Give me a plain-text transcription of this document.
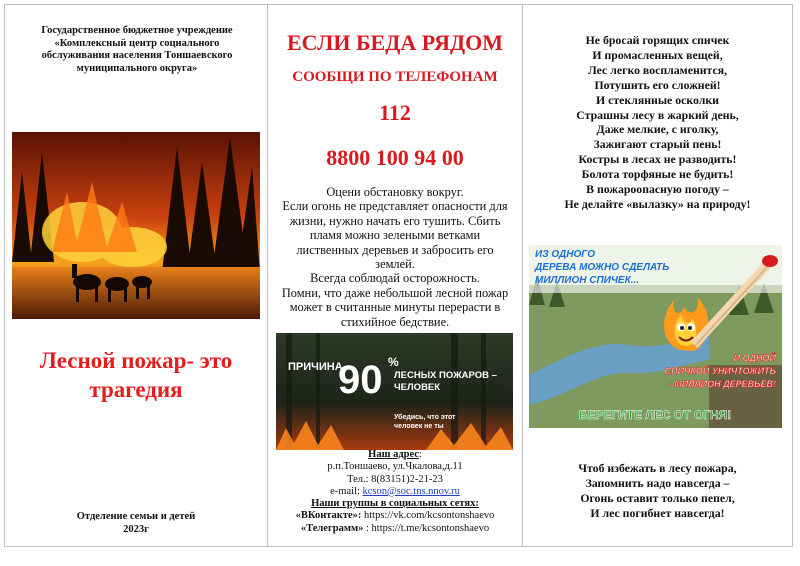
Государственное бюджетное учреждение
«Комплексный центр социального
обслуживания населения Тоншаевского
муниципального округа»
Лесной пожар- это
трагедия
Отделение семьи и детей
2023г
ЕСЛИ БЕДА РЯДОМ
СООБЩИ ПО ТЕЛЕФОНАМ
112
8800 100 94 00
Оцени обстановку вокруг.
Если огонь не представляет опасности для
жизни, нужно начать его тушить. Сбить
пламя можно зелеными ветками
лиственных деревьев и забросить его
землей.
Всегда соблюдай осторожность.
Помни, что даже небольшой лесной пожар
может в считанные минуты перерасти в
стихийное бедствие.
ПРИЧИНА
90 %
ЛЕСНЫХ ПОЖАРОВ –
ЧЕЛОВЕК
Убедись, что этот
человек не ты
Наш адрес:
р.п.Тоншаево, ул.Чкалова,д.11
Тел.: 8(83151)2-21-23
e-mail: kcson@soc.tns.nnov.ru
Наши группы в социальных сетях:
«ВКонтакте»: https://vk.com/kcsontonshaevo
«Телеграмм» : https://t.me/kcsontonshaevo
Не бросай горящих спичек
И промасленных вещей,
Лес легко воспламенится,
Потушить его сложней!
И стеклянные осколки
Страшны лесу в жаркий день,
Даже мелкие, с иголку,
Зажигают старый пень!
Костры в лесах не разводить!
Болота торфяные не будить!
В пожароопасную погоду –
Не делайте «вылазку» на природу!
ИЗ ОДНОГО
ДЕРЕВА МОЖНО СДЕЛАТЬ
МИЛЛИОН СПИЧЕК...
И ОДНОЙ
СПИЧКОЙ УНИЧТОЖИТЬ
- МИЛЛИОН ДЕРЕВЬЕВ!
БЕРЕГИТЕ ЛЕС ОТ ОГНЯ!
Чтоб избежать в лесу пожара,
Запомнить надо навсегда –
Огонь оставит только пепел,
И лес погибнет навсегда!
